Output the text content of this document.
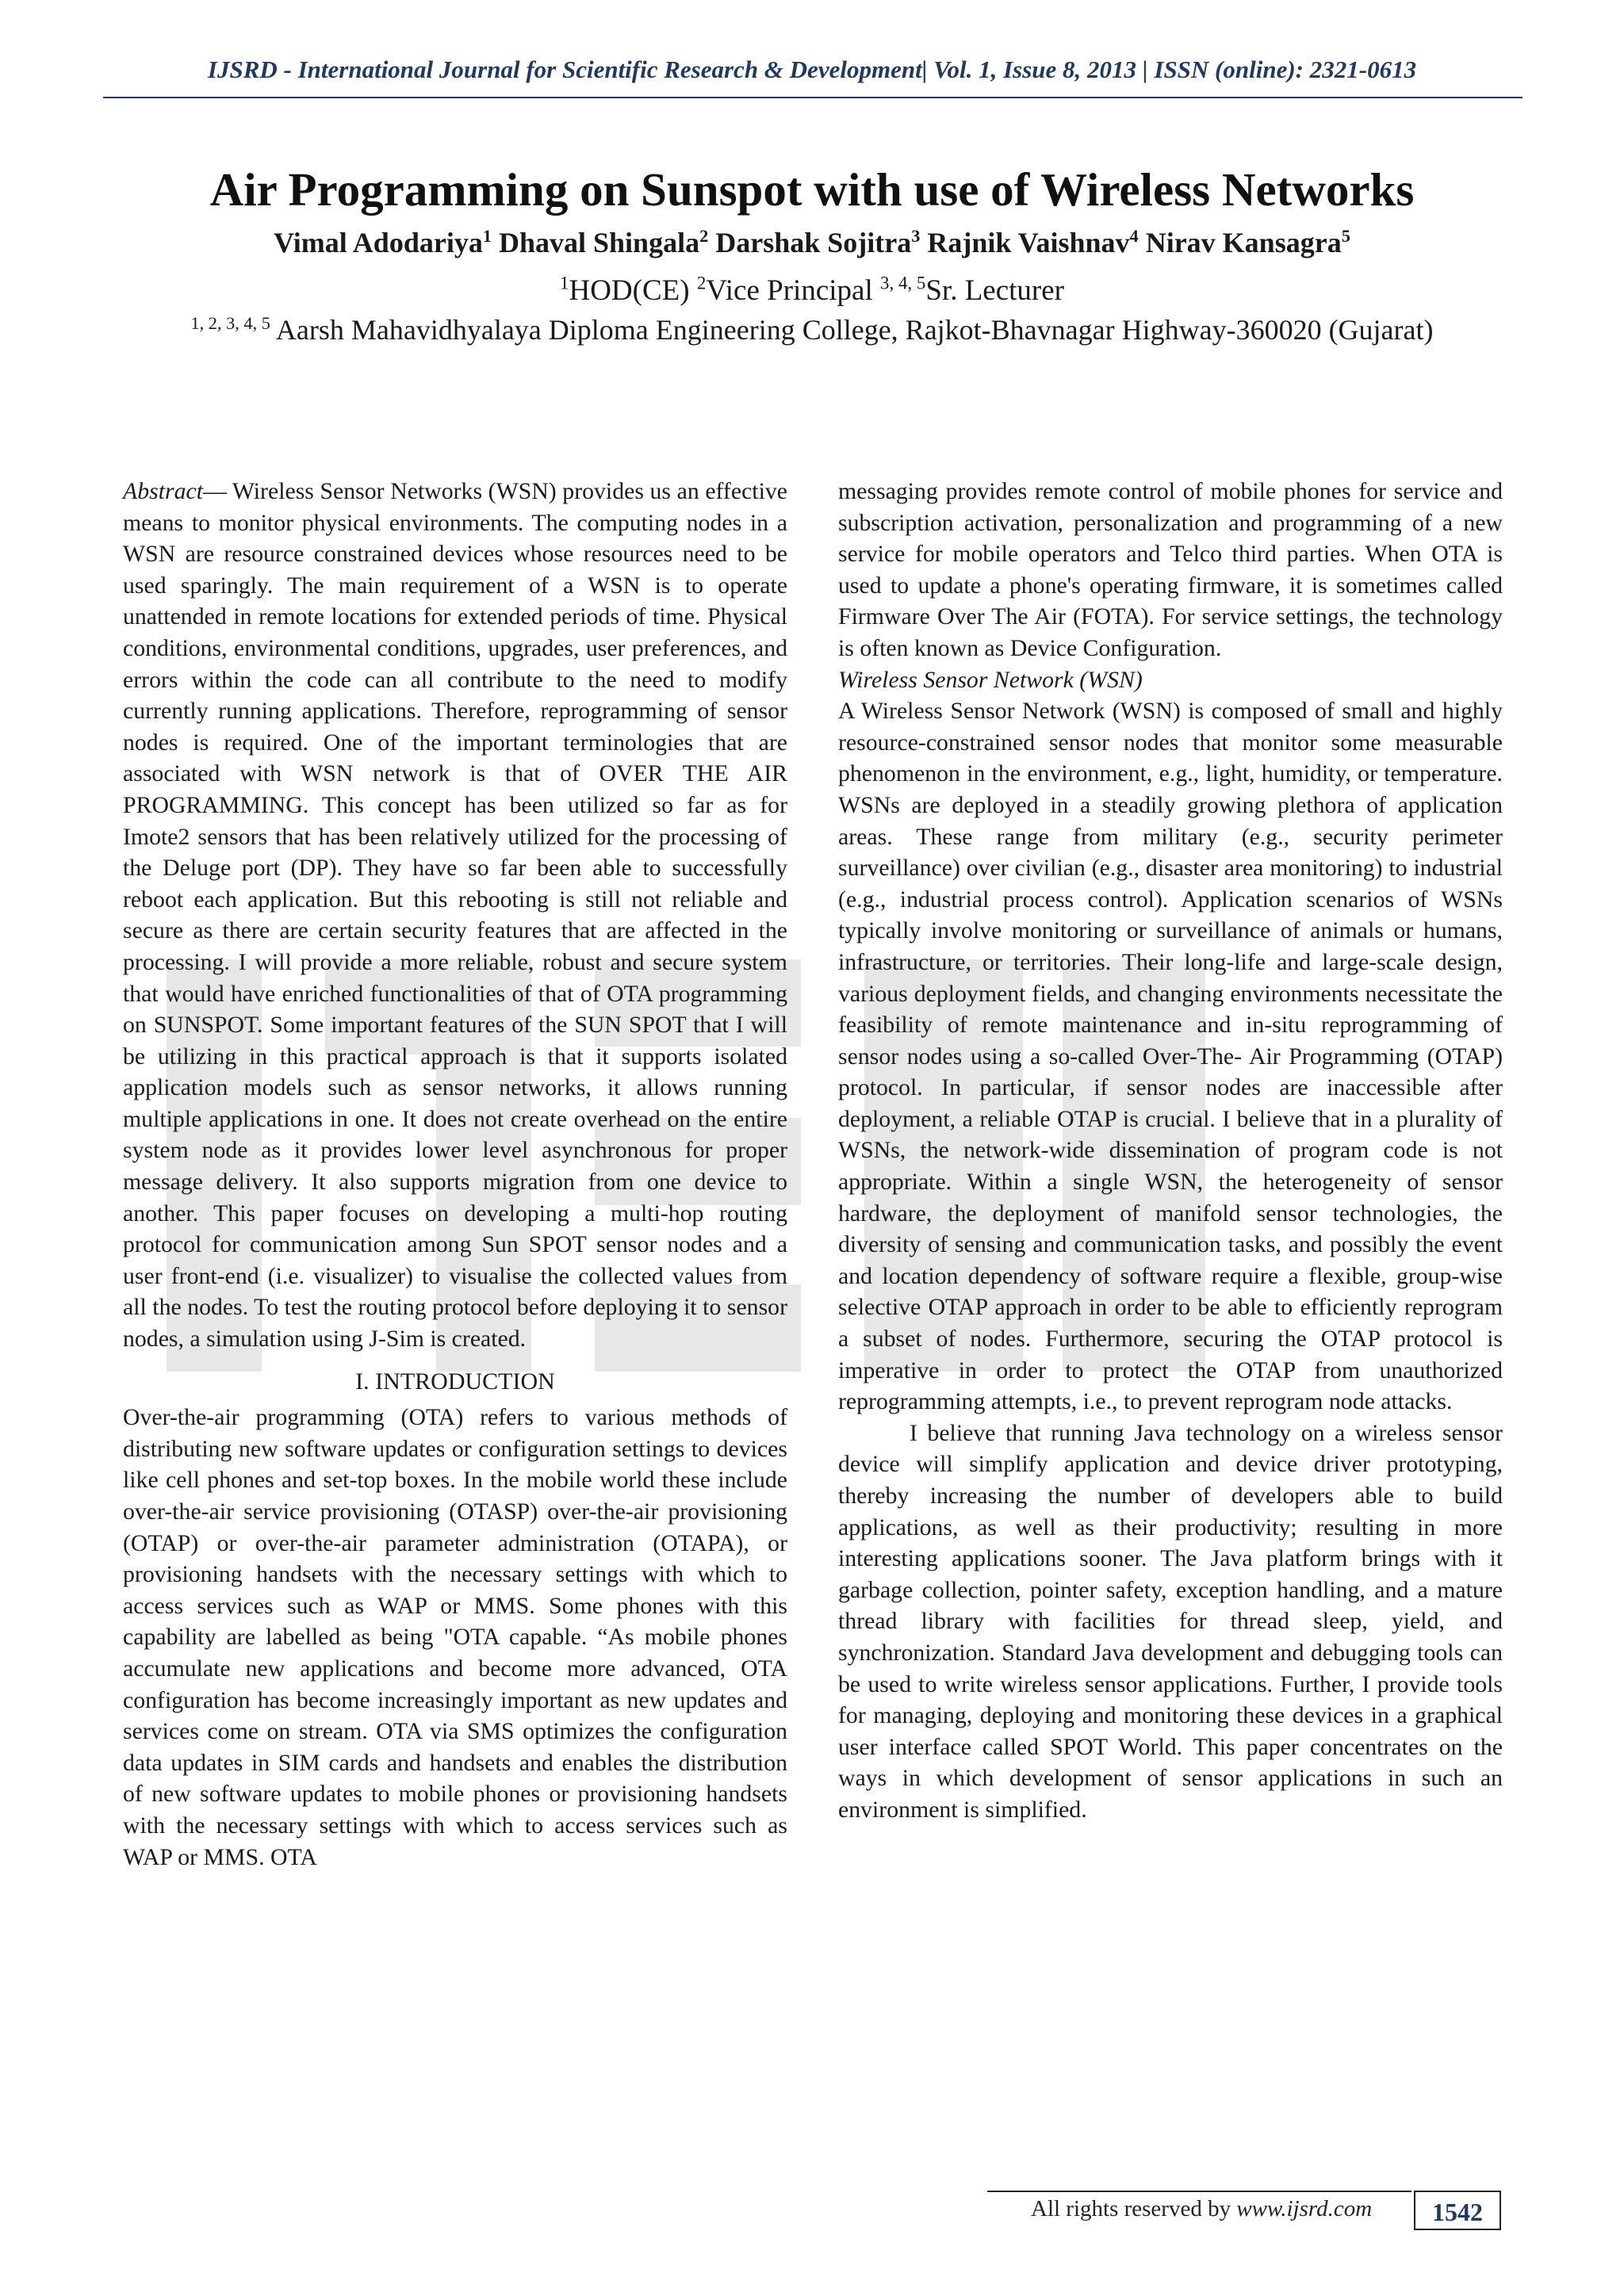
IJSRD - International Journal for Scientific Research & Development| Vol. 1, Issue 8, 2013 | ISSN (online): 2321-0613
Air Programming on Sunspot with use of Wireless Networks
Vimal Adodariya$^1$ Dhaval Shingala$^2$ Darshak Sojitra$^3$ Rajnik Vaishnav$^4$ Nirav Kansagra$^5$
$^1$HOD(CE) $^2$Vice Principal $^{3, 4, 5}$Sr. Lecturer
$^{1, 2, 3, 4, 5}$ Aarsh Mahavidhyalaya Diploma Engineering College, Rajkot-Bhavnagar Highway-360020 (Gujarat)

Abstract— Wireless Sensor Networks (WSN) provides us an effective means to monitor physical environments. The computing nodes in a WSN are resource constrained devices whose resources need to be used sparingly. The main requirement of a WSN is to operate unattended in remote locations for extended periods of time. Physical conditions, environmental conditions, upgrades, user preferences, and errors within the code can all contribute to the need to modify currently running applications. Therefore, reprogramming of sensor nodes is required. One of the important terminologies that are associated with WSN network is that of OVER THE AIR PROGRAMMING. This concept has been utilized so far as for Imote2 sensors that has been relatively utilized for the processing of the Deluge port (DP). They have so far been able to successfully reboot each application. But this rebooting is still not reliable and secure as there are certain security features that are affected in the processing. I will provide a more reliable, robust and secure system that would have enriched functionalities of that of OTA programming on SUNSPOT. Some important features of the SUN SPOT that I will be utilizing in this practical approach is that it supports isolated application models such as sensor networks, it allows running multiple applications in one. It does not create overhead on the entire system node as it provides lower level asynchronous for proper message delivery. It also supports migration from one device to another. This paper focuses on developing a multi-hop routing protocol for communication among Sun SPOT sensor nodes and a user front-end (i.e. visualizer) to visualise the collected values from all the nodes. To test the routing protocol before deploying it to sensor nodes, a simulation using J-Sim is created.

I. INTRODUCTION

Over-the-air programming (OTA) refers to various methods of distributing new software updates or configuration settings to devices like cell phones and set-top boxes. In the mobile world these include over-the-air service provisioning (OTASP) over-the-air provisioning (OTAP) or over-the-air parameter administration (OTAPA), or provisioning handsets with the necessary settings with which to access services such as WAP or MMS. Some phones with this capability are labelled as being "OTA capable. “As mobile phones accumulate new applications and become more advanced, OTA configuration has become increasingly important as new updates and services come on stream. OTA via SMS optimizes the configuration data updates in SIM cards and handsets and enables the distribution of new software updates to mobile phones or provisioning handsets with the necessary settings with which to access services such as WAP or MMS. OTA

messaging provides remote control of mobile phones for service and subscription activation, personalization and programming of a new service for mobile operators and Telco third parties. When OTA is used to update a phone's operating firmware, it is sometimes called Firmware Over The Air (FOTA). For service settings, the technology is often known as Device Configuration.

Wireless Sensor Network (WSN)

A Wireless Sensor Network (WSN) is composed of small and highly resource-constrained sensor nodes that monitor some measurable phenomenon in the environment, e.g., light, humidity, or temperature. WSNs are deployed in a steadily growing plethora of application areas. These range from military (e.g., security perimeter surveillance) over civilian (e.g., disaster area monitoring) to industrial (e.g., industrial process control). Application scenarios of WSNs typically involve monitoring or surveillance of animals or humans, infrastructure, or territories. Their long-life and large-scale design, various deployment fields, and changing environments necessitate the feasibility of remote maintenance and in-situ reprogramming of sensor nodes using a so-called Over-The- Air Programming (OTAP) protocol. In particular, if sensor nodes are inaccessible after deployment, a reliable OTAP is crucial. I believe that in a plurality of WSNs, the network-wide dissemination of program code is not appropriate. Within a single WSN, the heterogeneity of sensor hardware, the deployment of manifold sensor technologies, the diversity of sensing and communication tasks, and possibly the event and location dependency of software require a flexible, group-wise selective OTAP approach in order to be able to efficiently reprogram a subset of nodes. Furthermore, securing the OTAP protocol is imperative in order to protect the OTAP from unauthorized reprogramming attempts, i.e., to prevent reprogram node attacks.

I believe that running Java technology on a wireless sensor device will simplify application and device driver prototyping, thereby increasing the number of developers able to build applications, as well as their productivity; resulting in more interesting applications sooner. The Java platform brings with it garbage collection, pointer safety, exception handling, and a mature thread library with facilities for thread sleep, yield, and synchronization. Standard Java development and debugging tools can be used to write wireless sensor applications. Further, I provide tools for managing, deploying and monitoring these devices in a graphical user interface called SPOT World. This paper concentrates on the ways in which development of sensor applications in such an environment is simplified.

All rights reserved by www.ijsrd.com	1542
